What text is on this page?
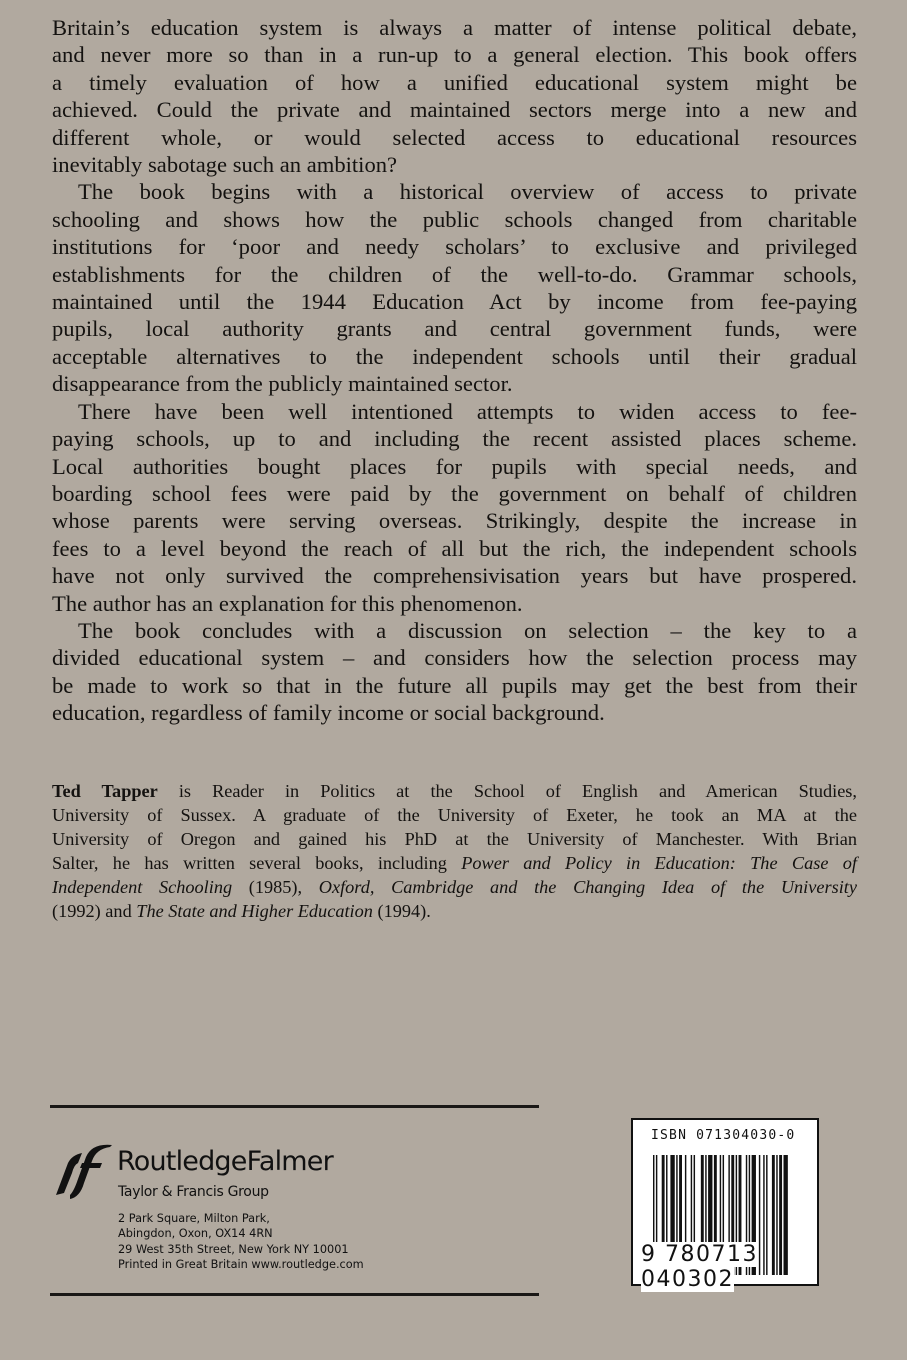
Britain’s education system is always a matter of intense political debate,
and never more so than in a run-up to a general election. This book offers
a timely evaluation of how a unified educational system might be
achieved. Could the private and maintained sectors merge into a new and
different whole, or would selected access to educational resources
inevitably sabotage such an ambition?
The book begins with a historical overview of access to private
schooling and shows how the public schools changed from charitable
institutions for ‘poor and needy scholars’ to exclusive and privileged
establishments for the children of the well-to-do. Grammar schools,
maintained until the 1944 Education Act by income from fee-paying
pupils, local authority grants and central government funds, were
acceptable alternatives to the independent schools until their gradual
disappearance from the publicly maintained sector.
There have been well intentioned attempts to widen access to fee-
paying schools, up to and including the recent assisted places scheme.
Local authorities bought places for pupils with special needs, and
boarding school fees were paid by the government on behalf of children
whose parents were serving overseas. Strikingly, despite the increase in
fees to a level beyond the reach of all but the rich, the independent schools
have not only survived the comprehensivisation years but have prospered.
The author has an explanation for this phenomenon.
The book concludes with a discussion on selection – the key to a
divided educational system – and considers how the selection process may
be made to work so that in the future all pupils may get the best from their
education, regardless of family income or social background.
Ted Tapper is Reader in Politics at the School of English and American Studies,
University of Sussex. A graduate of the University of Exeter, he took an MA at the
University of Oregon and gained his PhD at the University of Manchester. With Brian
Salter, he has written several books, including Power and Policy in Education: The Case of
Independent Schooling (1985), Oxford, Cambridge and the Changing Idea of the University
(1992) and The State and Higher Education (1994).
RoutledgeFalmer
Taylor & Francis Group
2 Park Square, Milton Park,
Abingdon, Oxon, OX14 4RN
29 West 35th Street, New York NY 10001
Printed in Great Britain www.routledge.com
ISBN 071304030-0
9 780713 040302
